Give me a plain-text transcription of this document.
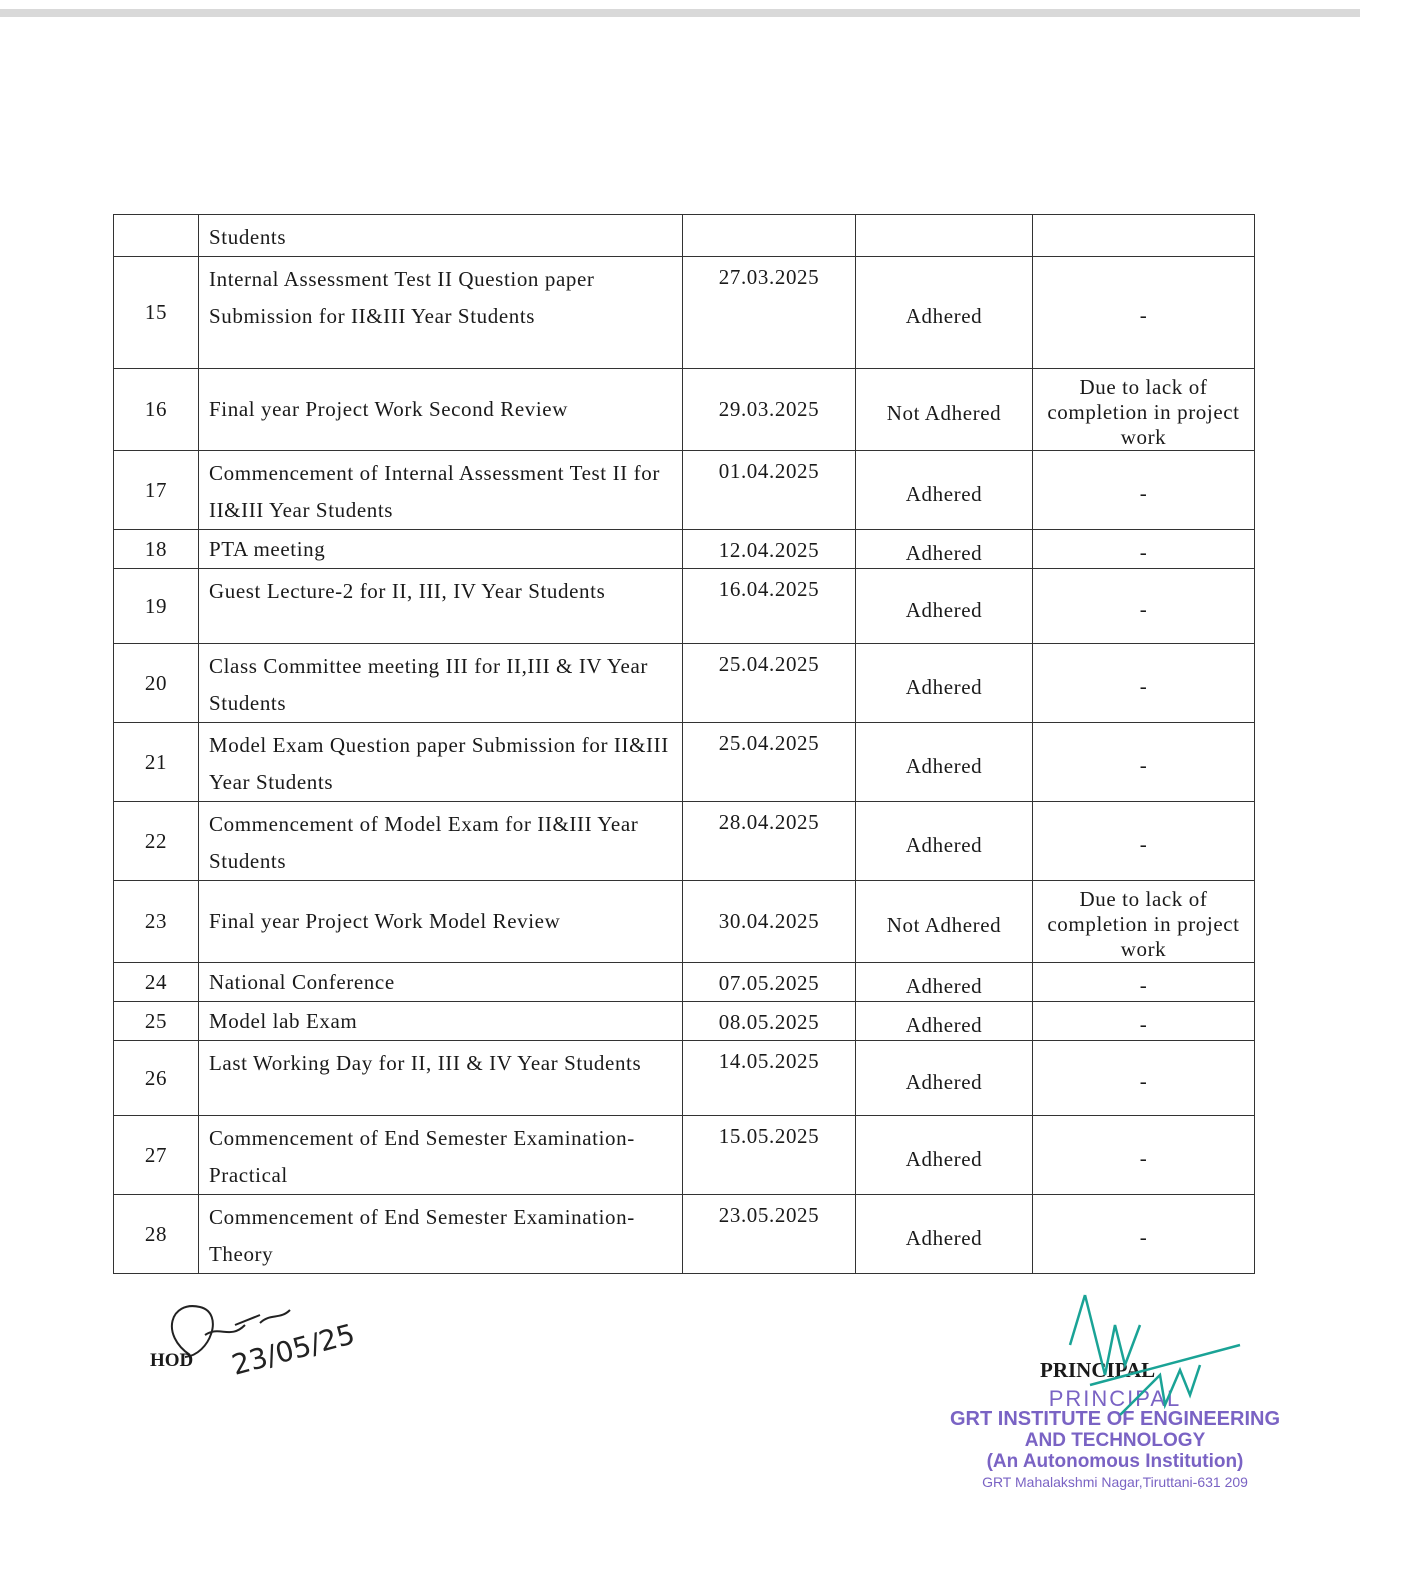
	Students			
15	Internal Assessment Test II Question paper Submission for II&III Year Students	27.03.2025	Adhered	-
16	Final year Project Work Second Review	29.03.2025	Not Adhered	Due to lack of completion in project work
17	Commencement of Internal Assessment Test II for II&III Year Students	01.04.2025	Adhered	-
18	PTA meeting	12.04.2025	Adhered	-
19	Guest Lecture-2 for II, III, IV Year Students	16.04.2025	Adhered	-
20	Class Committee meeting III for II,III & IV Year Students	25.04.2025	Adhered	-
21	Model Exam Question paper Submission for II&III Year Students	25.04.2025	Adhered	-
22	Commencement of Model Exam for II&III Year Students	28.04.2025	Adhered	-
23	Final year Project Work Model Review	30.04.2025	Not Adhered	Due to lack of completion in project work
24	National Conference	07.05.2025	Adhered	-
25	Model lab Exam	08.05.2025	Adhered	-
26	Last Working Day for II, III & IV Year Students	14.05.2025	Adhered	-
27	Commencement of End Semester Examination-Practical	15.05.2025	Adhered	-
28	Commencement of End Semester Examination-Theory	23.05.2025	Adhered	-
23/05/25
HOD	PRINCIPAL
PRINCIPAL
GRT INSTITUTE OF ENGINEERING
AND TECHNOLOGY
(An Autonomous Institution)
GRT Mahalakshmi Nagar,Tiruttani-631 209
